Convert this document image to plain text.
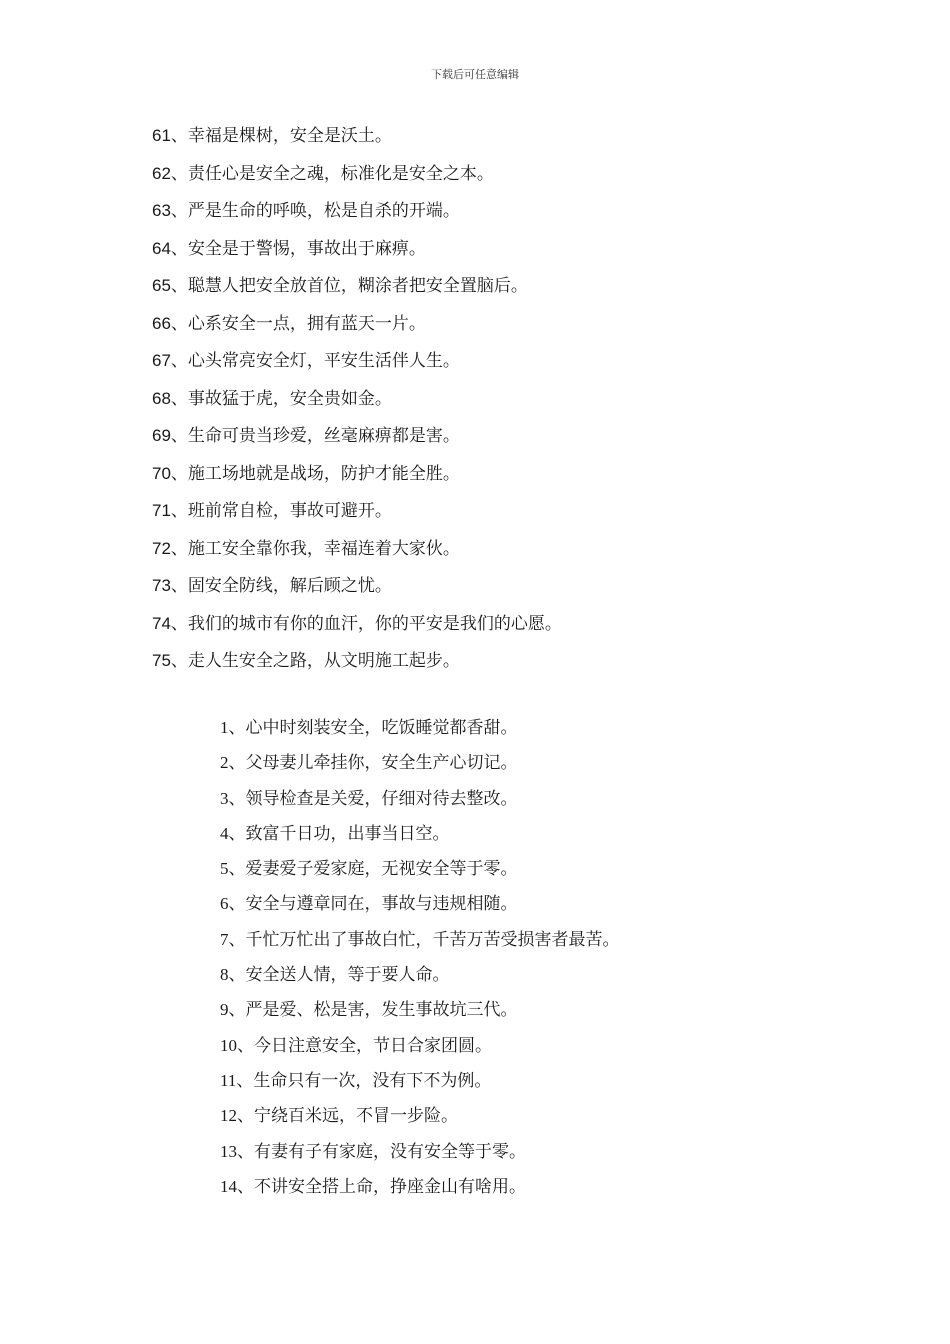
下载后可任意编辑
61、幸福是棵树，安全是沃土。
62、责任心是安全之魂，标准化是安全之本。
63、严是生命的呼唤，松是自杀的开端。
64、安全是于警惕，事故出于麻痹。
65、聪慧人把安全放首位，糊涂者把安全置脑后。
66、心系安全一点，拥有蓝天一片。
67、心头常亮安全灯，平安生活伴人生。
68、事故猛于虎，安全贵如金。
69、生命可贵当珍爱，丝毫麻痹都是害。
70、施工场地就是战场，防护才能全胜。
71、班前常自检，事故可避开。
72、施工安全靠你我，幸福连着大家伙。
73、固安全防线，解后顾之忧。
74、我们的城市有你的血汗，你的平安是我们的心愿。
75、走人生安全之路，从文明施工起步。
1、心中时刻装安全，吃饭睡觉都香甜。
2、父母妻儿牵挂你，安全生产心切记。
3、领导检查是关爱，仔细对待去整改。
4、致富千日功，出事当日空。
5、爱妻爱子爱家庭，无视安全等于零。
6、安全与遵章同在，事故与违规相随。
7、千忙万忙出了事故白忙，千苦万苦受损害者最苦。
8、安全送人情，等于要人命。
9、严是爱、松是害，发生事故坑三代。
10、今日注意安全，节日合家团圆。
11、生命只有一次，没有下不为例。
12、宁绕百米远，不冒一步险。
13、有妻有子有家庭，没有安全等于零。
14、不讲安全搭上命，挣座金山有啥用。
